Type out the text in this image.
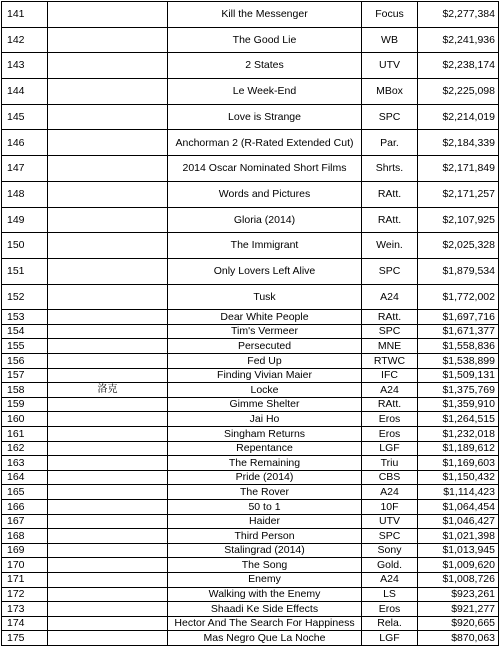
141		Kill the Messenger	Focus	$2,277,384
142		The Good Lie	WB	$2,241,936
143		2 States	UTV	$2,238,174
144		Le Week-End	MBox	$2,225,098
145		Love is Strange	SPC	$2,214,019
146		Anchorman 2 (R-Rated Extended Cut)	Par.	$2,184,339
147		2014 Oscar Nominated Short Films	Shrts.	$2,171,849
148		Words and Pictures	RAtt.	$2,171,257
149		Gloria (2014)	RAtt.	$2,107,925
150		The Immigrant	Wein.	$2,025,328
151		Only Lovers Left Alive	SPC	$1,879,534
152		Tusk	A24	$1,772,002
153		Dear White People	RAtt.	$1,697,716
154		Tim's Vermeer	SPC	$1,671,377
155		Persecuted	MNE	$1,558,836
156		Fed Up	RTWC	$1,538,899
157		Finding Vivian Maier	IFC	$1,509,131
158	洛克	Locke	A24	$1,375,769
159		Gimme Shelter	RAtt.	$1,359,910
160		Jai Ho	Eros	$1,264,515
161		Singham Returns	Eros	$1,232,018
162		Repentance	LGF	$1,189,612
163		The Remaining	Triu	$1,169,603
164		Pride (2014)	CBS	$1,150,432
165		The Rover	A24	$1,114,423
166		50 to 1	10F	$1,064,454
167		Haider	UTV	$1,046,427
168		Third Person	SPC	$1,021,398
169		Stalingrad (2014)	Sony	$1,013,945
170		The Song	Gold.	$1,009,620
171		Enemy	A24	$1,008,726
172		Walking with the Enemy	LS	$923,261
173		Shaadi Ke Side Effects	Eros	$921,277
174		Hector And The Search For Happiness	Rela.	$920,665
175		Mas Negro Que La Noche	LGF	$870,063
